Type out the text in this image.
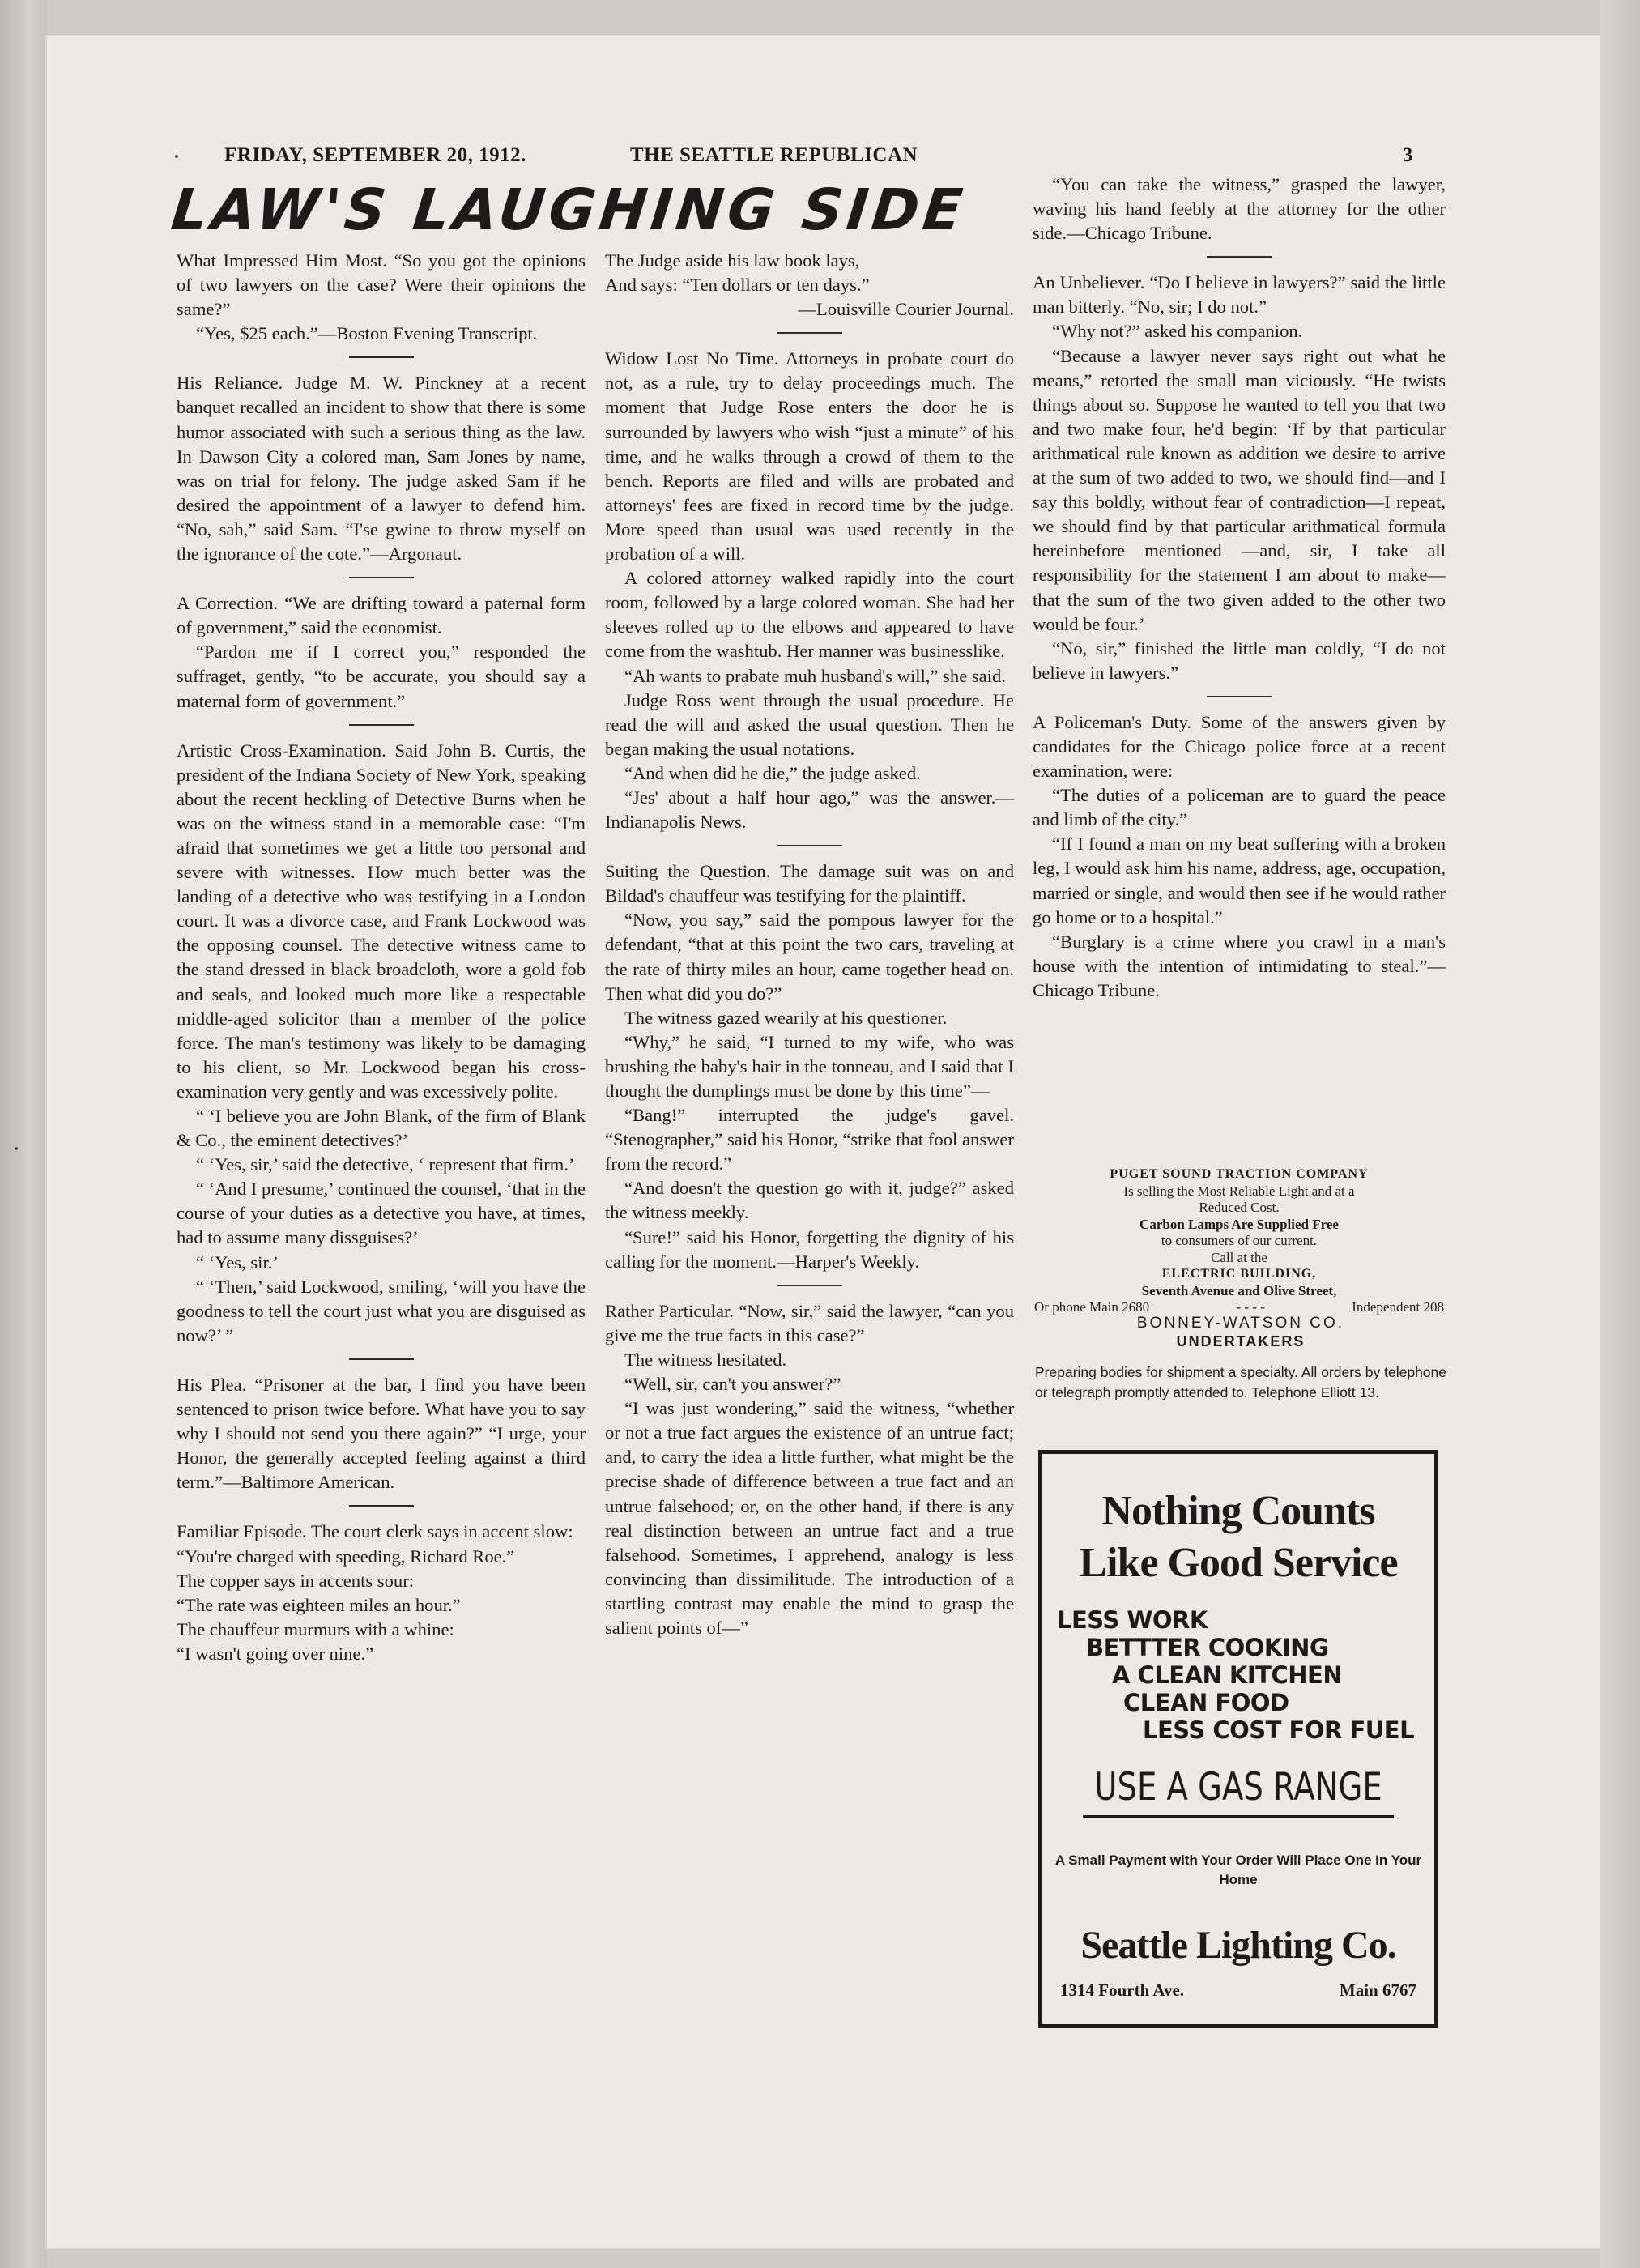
FRIDAY, SEPTEMBER 20, 1912.	THE SEATTLE REPUBLICAN	3
LAW'S LAUGHING SIDE

What Impressed Him Most. “So you got the opinions of two lawyers on the case? Were their opinions the same?”

“Yes, $25 each.”—Boston Evening Transcript.

His Reliance. Judge M. W. Pinckney at a recent banquet recalled an incident to show that there is some humor associated with such a serious thing as the law. In Dawson City a colored man, Sam Jones by name, was on trial for felony. The judge asked Sam if he desired the appointment of a lawyer to defend him. “No, sah,” said Sam. “I'se gwine to throw myself on the ignorance of the cote.”—Argonaut.

A Correction. “We are drifting toward a paternal form of government,” said the economist.

“Pardon me if I correct you,” responded the suffraget, gently, “to be accurate, you should say a maternal form of government.”

Artistic Cross-Examination. Said John B. Curtis, the president of the Indiana Society of New York, speaking about the recent heckling of Detective Burns when he was on the witness stand in a memorable case: “I'm afraid that sometimes we get a little too personal and severe with witnesses. How much better was the landing of a detective who was testifying in a London court. It was a divorce case, and Frank Lockwood was the opposing counsel. The detective witness came to the stand dressed in black broadcloth, wore a gold fob and seals, and looked much more like a respectable middle-aged solicitor than a member of the police force. The man's testimony was likely to be damaging to his client, so Mr. Lockwood began his cross-examination very gently and was excessively polite.

“ ‘I believe you are John Blank, of the firm of Blank & Co., the eminent detectives?’

“ ‘Yes, sir,’ said the detective, ‘ represent that firm.’

“ ‘And I presume,’ continued the counsel, ‘that in the course of your duties as a detective you have, at times, had to assume many dissguises?’

“ ‘Yes, sir.’

“ ‘Then,’ said Lockwood, smiling, ‘will you have the goodness to tell the court just what you are disguised as now?’ ”

His Plea. “Prisoner at the bar, I find you have been sentenced to prison twice before. What have you to say why I should not send you there again?” “I urge, your Honor, the generally accepted feeling against a third term.”—Baltimore American.

Familiar Episode. The court clerk says in accent slow:

“You're charged with speeding, Richard Roe.”

The copper says in accents sour:

“The rate was eighteen miles an hour.”

The chauffeur murmurs with a whine:

“I wasn't going over nine.”

The Judge aside his law book lays,

And says: “Ten dollars or ten days.”

—Louisville Courier Journal.

Widow Lost No Time. Attorneys in probate court do not, as a rule, try to delay proceedings much. The moment that Judge Rose enters the door he is surrounded by lawyers who wish “just a minute” of his time, and he walks through a crowd of them to the bench. Reports are filed and wills are probated and attorneys' fees are fixed in record time by the judge. More speed than usual was used recently in the probation of a will.

A colored attorney walked rapidly into the court room, followed by a large colored woman. She had her sleeves rolled up to the elbows and appeared to have come from the washtub. Her manner was businesslike.

“Ah wants to prabate muh husband's will,” she said.

Judge Ross went through the usual procedure. He read the will and asked the usual question. Then he began making the usual notations.

“And when did he die,” the judge asked.

“Jes' about a half hour ago,” was the answer.—Indianapolis News.

Suiting the Question. The damage suit was on and Bildad's chauffeur was testifying for the plaintiff.

“Now, you say,” said the pompous lawyer for the defendant, “that at this point the two cars, traveling at the rate of thirty miles an hour, came together head on. Then what did you do?”

The witness gazed wearily at his questioner.

“Why,” he said, “I turned to my wife, who was brushing the baby's hair in the tonneau, and I said that I thought the dumplings must be done by this time”—

“Bang!” interrupted the judge's gavel. “Stenographer,” said his Honor, “strike that fool answer from the record.”

“And doesn't the question go with it, judge?” asked the witness meekly.

“Sure!” said his Honor, forgetting the dignity of his calling for the moment.—Harper's Weekly.

Rather Particular. “Now, sir,” said the lawyer, “can you give me the true facts in this case?”

The witness hesitated.

“Well, sir, can't you answer?”

“I was just wondering,” said the witness, “whether or not a true fact argues the existence of an untrue fact; and, to carry the idea a little further, what might be the precise shade of difference between a true fact and an untrue falsehood; or, on the other hand, if there is any real distinction between an untrue fact and a true falsehood. Sometimes, I apprehend, analogy is less convincing than dissimilitude. The introduction of a startling contrast may enable the mind to grasp the salient points of—”

“You can take the witness,” grasped the lawyer, waving his hand feebly at the attorney for the other side.—Chicago Tribune.

An Unbeliever. “Do I believe in lawyers?” said the little man bitterly. “No, sir; I do not.”

“Why not?” asked his companion.

“Because a lawyer never says right out what he means,” retorted the small man viciously. “He twists things about so. Suppose he wanted to tell you that two and two make four, he'd begin: ‘If by that particular arithmatical rule known as addition we desire to arrive at the sum of two added to two, we should find—and I say this boldly, without fear of contradiction—I repeat, we should find by that particular arithmatical formula hereinbefore mentioned —and, sir, I take all responsibility for the statement I am about to make—that the sum of the two given added to the other two would be four.’

“No, sir,” finished the little man coldly, “I do not believe in lawyers.”

A Policeman's Duty. Some of the answers given by candidates for the Chicago police force at a recent examination, were:

“The duties of a policeman are to guard the peace and limb of the city.”

“If I found a man on my beat suffering with a broken leg, I would ask him his name, address, age, occupation, married or single, and would then see if he would rather go home or to a hospital.”

“Burglary is a crime where you crawl in a man's house with the intention of intimidating to steal.”—Chicago Tribune.

PUGET SOUND TRACTION COMPANY
Is selling the Most Reliable Light and at a
Reduced Cost.
Carbon Lamps Are Supplied Free
to consumers of our current.
Call at the
ELECTRIC BUILDING,
Seventh Avenue and Olive Street,
Or phone Main 2680	- - - -	Independent 208
BONNEY-WATSON CO.
UNDERTAKERS
Preparing bodies for shipment a specialty. All orders by telephone or telegraph promptly attended to. Telephone Elliott 13.
Nothing Counts
Like Good Service
LESS WORK
BETTTER COOKING
A CLEAN KITCHEN
CLEAN FOOD
LESS COST FOR FUEL
USE A GAS RANGE
A Small Payment with Your Order Will Place One In Your Home
Seattle Lighting Co.
1314 Fourth Ave.	Main 6767
